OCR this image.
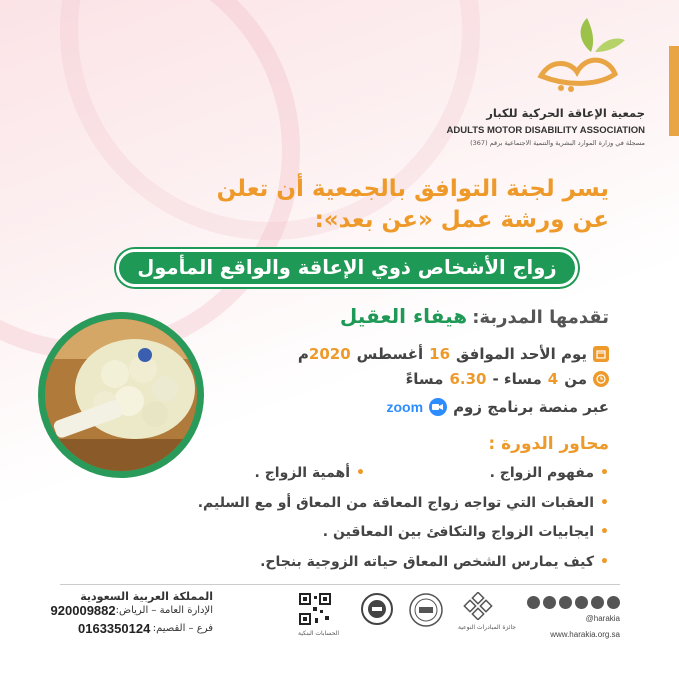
جمعية الإعاقة الحركية للكبار
ADULTS MOTOR DISABILITY ASSOCIATION
مسجلة في وزارة الموارد البشرية والتنمية الاجتماعية برقم (367)
يسر لجنة التوافق بالجمعية أن تعلن
عن ورشة عمل «عن بعد»:
زواج الأشخاص ذوي الإعاقة والواقع المأمول
تقدمها المدربة: هيفاء العقيل
يوم الأحد الموافق
16
أغسطس
2020م
من
4
مساء -
6.30
مساءً
عبر منصة برنامج زوم
zoom
محاور الدورة :
•مفهوم الزواج .
•أهمية الزواج .
•العقبات التي تواجه زواج المعاقة من المعاق أو مع السليم.
•ايجابيات الزواج والتكافئ بين المعاقين .
•كيف يمارس الشخص المعاق حياته الزوجية بنجاح.
المملكة العربية السعودية
الإدارة العامة – الرياض:
920009882
فرع – القصيم:
0163350124	الحسابات البنكية
جائزة المبادرات النوعية
@harakia
www.harakia.org.sa
